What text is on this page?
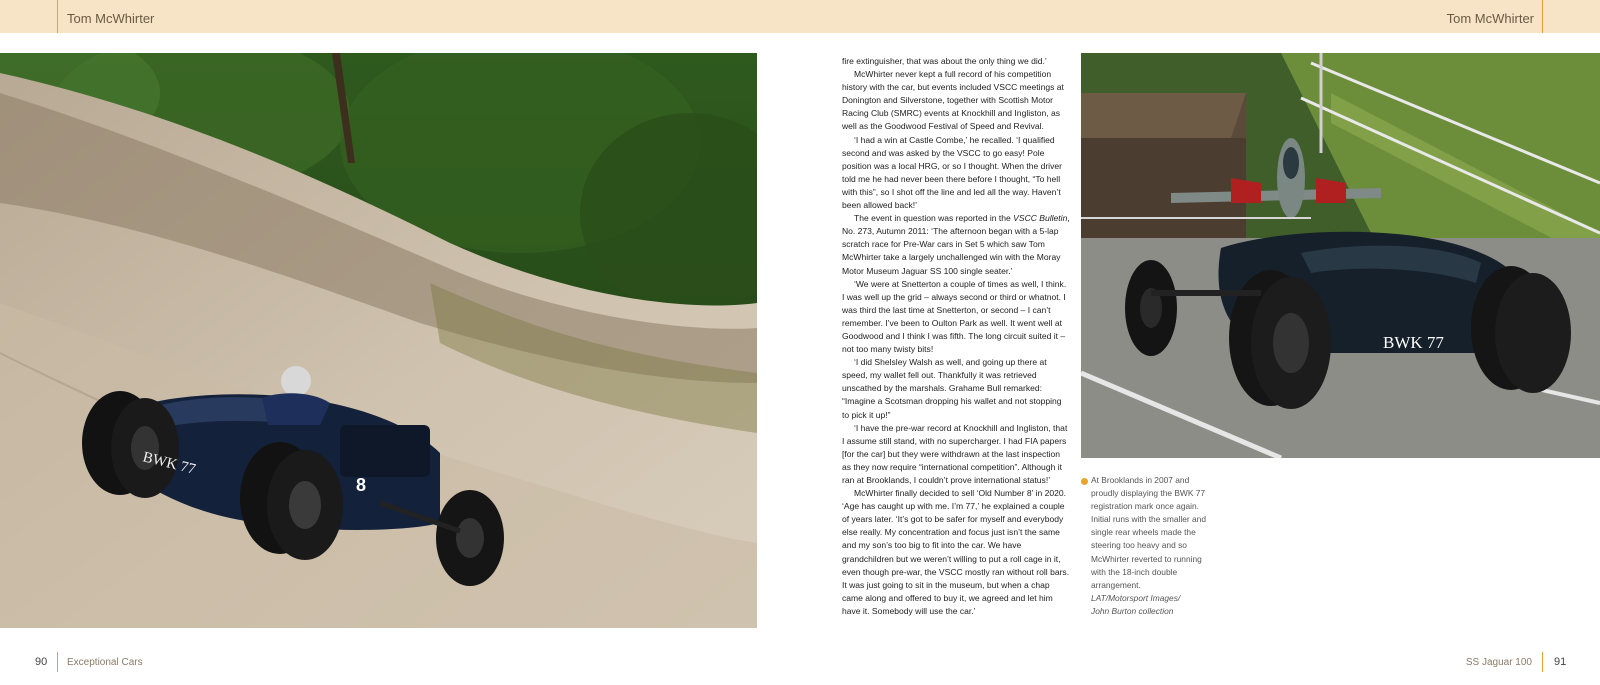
Tom McWhirter	Tom McWhirter
8
BWK 77

fire extinguisher, that was about the only thing we did.’

McWhirter never kept a full record of his competition history with the car, but events included VSCC meetings at Donington and Silverstone, together with Scottish Motor Racing Club (SMRC) events at Knockhill and Ingliston, as well as the Goodwood Festival of Speed and Revival.

‘I had a win at Castle Combe,’ he recalled. ‘I qualified second and was asked by the VSCC to go easy! Pole position was a local HRG, or so I thought. When the driver told me he had never been there before I thought, “To hell with this”, so I shot off the line and led all the way. Haven’t been allowed back!’

The event in question was reported in the VSCC Bulletin, No. 273, Autumn 2011: ‘The afternoon began with a 5-lap scratch race for Pre-War cars in Set 5 which saw Tom McWhirter take a largely unchallenged win with the Moray Motor Museum Jaguar SS 100 single seater.’

‘We were at Snetterton a couple of times as well, I think. I was well up the grid – always second or third or whatnot. I was third the last time at Snetterton, or second – I can’t remember. I’ve been to Oulton Park as well. It went well at Goodwood and I think I was fifth. The long circuit suited it – not too many twisty bits!

‘I did Shelsley Walsh as well, and going up there at speed, my wallet fell out. Thankfully it was retrieved unscathed by the marshals. Grahame Bull remarked: “Imagine a Scotsman dropping his wallet and not stopping to pick it up!”

‘I have the pre-war record at Knockhill and Ingliston, that I assume still stand, with no supercharger. I had FIA papers [for the car] but they were withdrawn at the last inspection as they now require “international competition”. Although it ran at Brooklands, I couldn’t prove international status!’

McWhirter finally decided to sell ‘Old Number 8’ in 2020. ‘Age has caught up with me. I’m 77,’ he explained a couple of years later. ‘It’s got to be safer for myself and everybody else really. My concentration and focus just isn’t the same and my son’s too big to fit into the car. We have grandchildren but we weren’t willing to put a roll cage in it, even though pre-war, the VSCC mostly ran without roll bars. It was just going to sit in the museum, but when a chap came along and offered to buy it, we agreed and let him have it. Somebody will use the car.’

BWK 77
At Brooklands in 2007 and proudly displaying the BWK 77 registration mark once again. Initial runs with the smaller and single rear wheels made the steering too heavy and so McWhirter reverted to running with the 18-inch double arrangement.
LAT/Motorsport Images/
John Burton collection
90 Exceptional Cars	SS Jaguar 100 91
